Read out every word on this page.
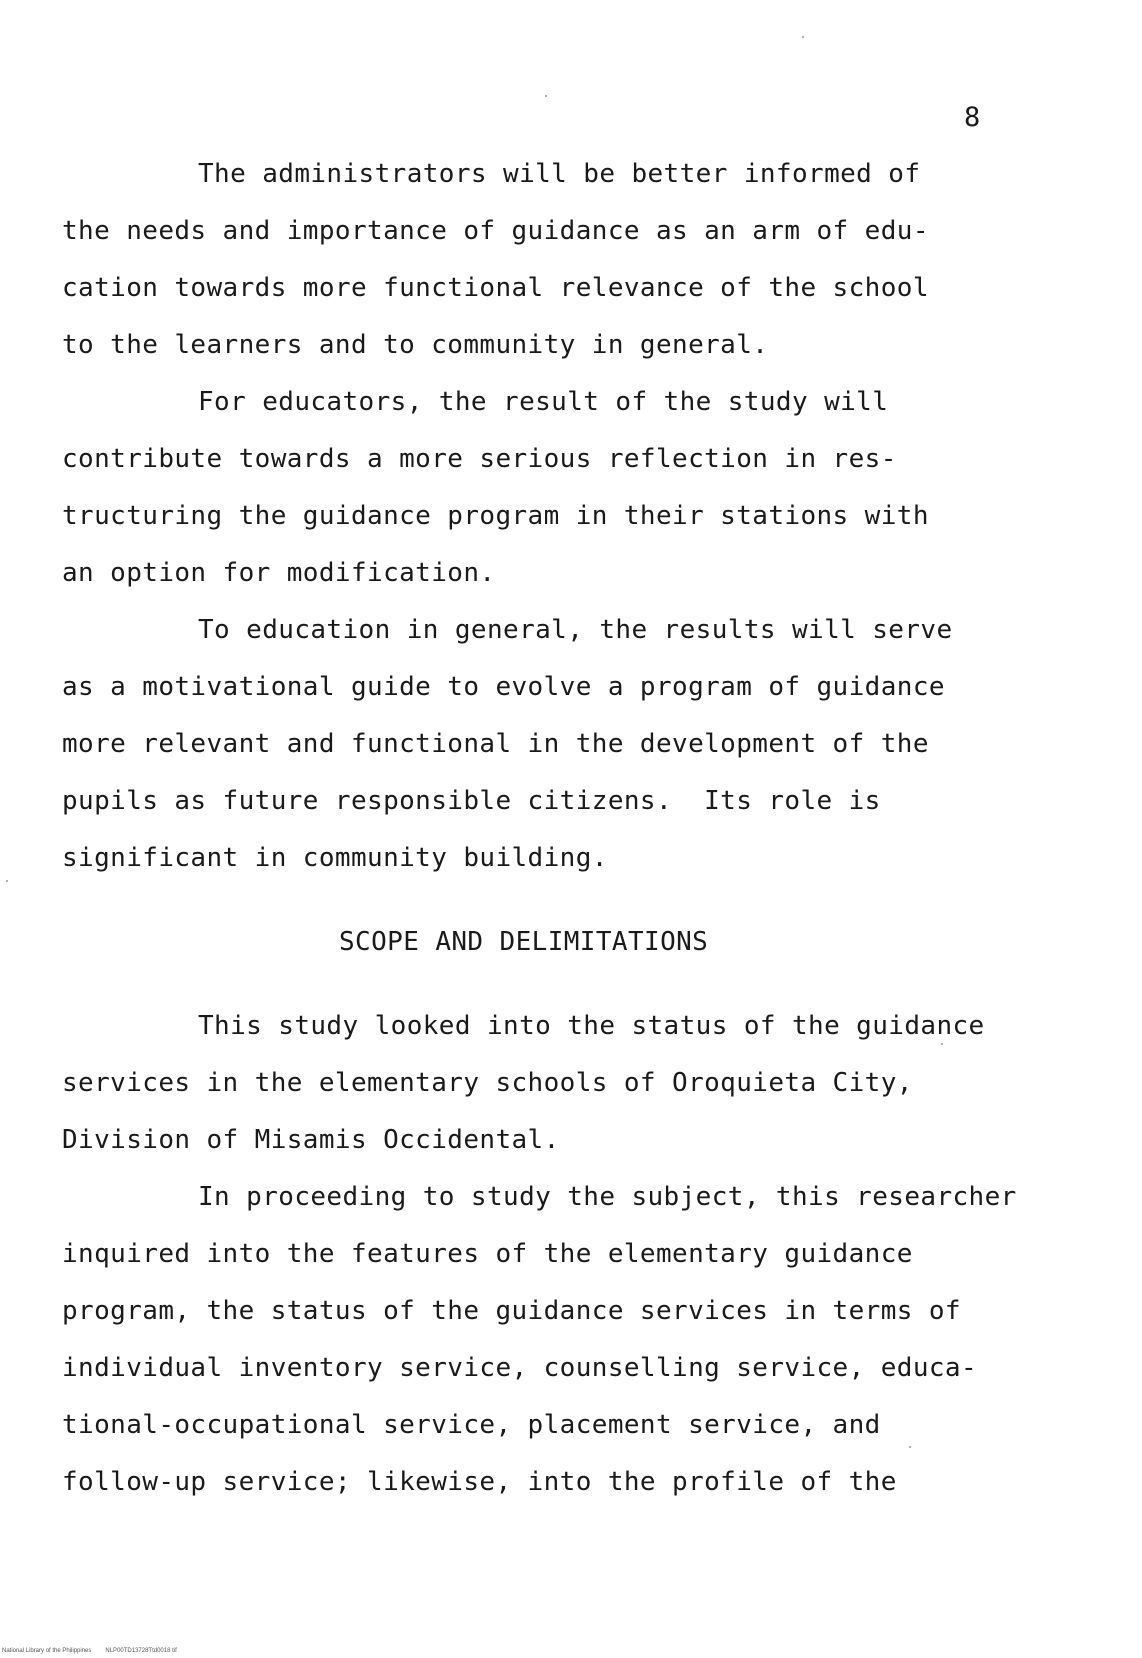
8
The administrators will be better informed of
the needs and importance of guidance as an arm of edu-
cation towards more functional relevance of the school
to the learners and to community in general.
For educators, the result of the study will
contribute towards a more serious reflection in res-
tructuring the guidance program in their stations with
an option for modification.
To education in general, the results will serve
as a motivational guide to evolve a program of guidance
more relevant and functional in the development of the
pupils as future responsible citizens.  Its role is
significant in community building.
SCOPE AND DELIMITATIONS
This study looked into the status of the guidance
services in the elementary schools of Oroquieta City,
Division of Misamis Occidental.
In proceeding to study the subject, this researcher
inquired into the features of the elementary guidance
program, the status of the guidance services in terms of
individual inventory service, counselling service, educa-
tional-occupational service, placement service, and
follow-up service; likewise, into the profile of the
National Library of the Philippines NLP00TD13728Ttd0018 tif
